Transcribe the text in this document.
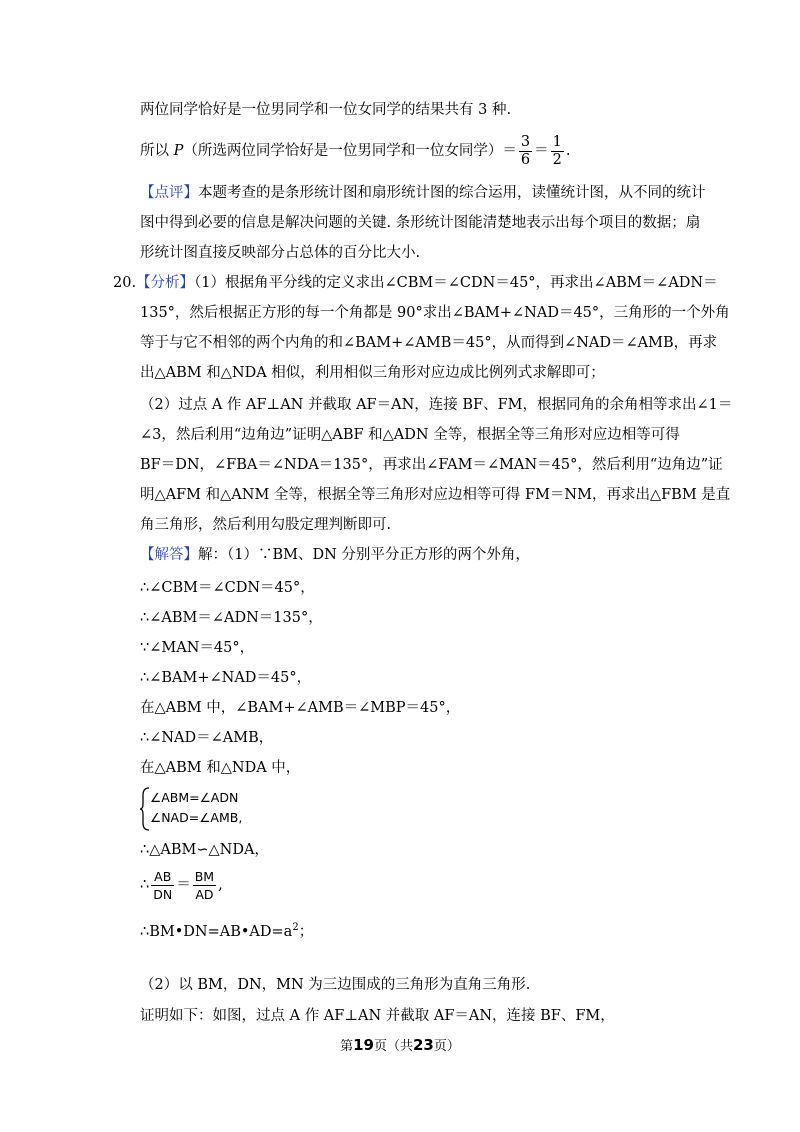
两位同学恰好是一位男同学和一位女同学的结果共有 3 种.
所以 P（所选两位同学恰好是一位男同学和一位女同学）＝ $\frac{3}{6} = \frac{1}{2}$ .
【点评】本题考查的是条形统计图和扇形统计图的综合运用，读懂统计图，从不同的统计
图中得到必要的信息是解决问题的关键. 条形统计图能清楚地表示出每个项目的数据；扇
形统计图直接反映部分占总体的百分比大小.
20.【分析】（1）根据角平分线的定义求出∠CBM＝∠CDN＝45°，再求出∠ABM＝∠ADN＝
135°，然后根据正方形的每一个角都是 90°求出∠BAM+∠NAD＝45°，三角形的一个外角
等于与它不相邻的两个内角的和∠BAM+∠AMB＝45°，从而得到∠NAD＝∠AMB，再求
出△ABM 和△NDA 相似，利用相似三角形对应边成比例列式求解即可；
（2）过点 A 作 AF⊥AN 并截取 AF＝AN，连接 BF、FM，根据同角的余角相等求出∠1＝
∠3，然后利用“边角边”证明△ABF 和△ADN 全等，根据全等三角形对应边相等可得
BF＝DN，∠FBA＝∠NDA＝135°，再求出∠FAM＝∠MAN＝45°，然后利用“边角边”证
明△AFM 和△ANM 全等，根据全等三角形对应边相等可得 FM＝NM，再求出△FBM 是直
角三角形，然后利用勾股定理判断即可.
【解答】解：（1）∵BM、DN 分别平分正方形的两个外角，
∴∠CBM＝∠CDN＝45°，
∴∠ABM＝∠ADN＝135°，
∵∠MAN＝45°，
∴∠BAM+∠NAD＝45°，
在△ABM 中，∠BAM+∠AMB＝∠MBP＝45°，
∴∠NAD＝∠AMB，
在△ABM 和△NDA 中，
∠ABM=∠ADN
∠NAD=∠AMB,
∴△ABM∽△NDA，
∴ $\frac{AB}{DN} = \frac{BM}{AD}$ ,
$\therefore BM•DN=AB•AD=a^2$；
（2）以 BM，DN，MN 为三边围成的三角形为直角三角形.
证明如下：如图，过点 A 作 AF⊥AN 并截取 AF＝AN，连接 BF、FM，
第19页（共23页）
